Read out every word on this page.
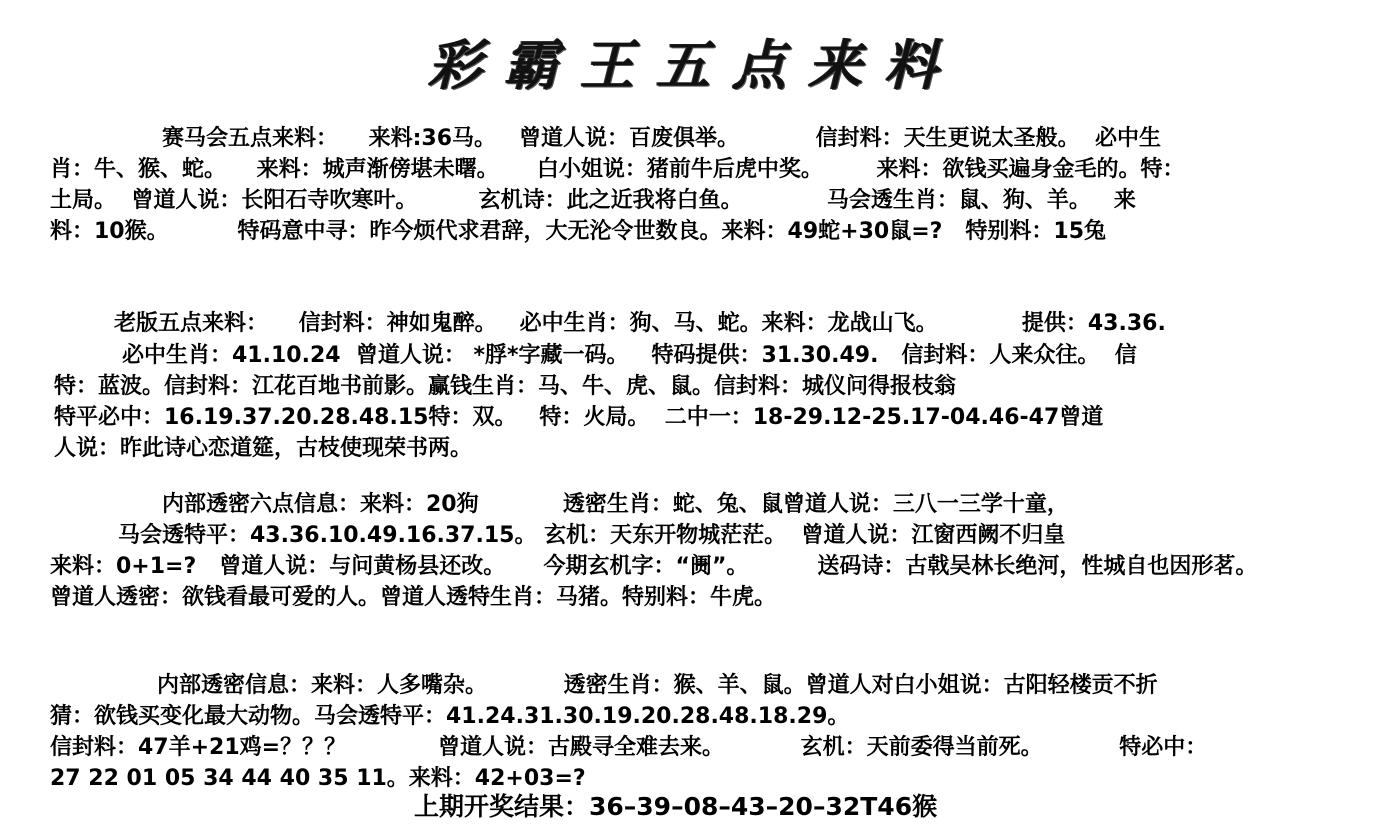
彩霸王五点来料
赛马会五点来料：    来料:36马。   曾道人说：百废俱举。          信封料：天生更说太圣般。  必中生
肖：牛、猴、蛇。    来料：城声渐傍堪未曙。     白小姐说：猪前牛后虎中奖。       来料：欲钱买遍身金毛的。特：
土局。  曾道人说：长阳石寺吹寒叶。        玄机诗：此之近我将白鱼。           马会透生肖：鼠、狗、羊。   来
料：10猴。         特码意中寻：昨今烦代求君辞，大无沦令世数良。来料：49蛇+30鼠=?   特别料：15兔
老版五点来料：    信封料：神如鬼醉。   必中生肖：狗、马、蛇。来料：龙战山飞。           提供：43.36.
必中生肖：41.10.24  曾道人说： *脬*字藏一码。   特码提供：31.30.49.   信封料：人来众往。  信
特：蓝波。信封料：江花百地书前影。赢钱生肖：马、牛、虎、鼠。信封料：城仪问得报枝翁
特平必中：16.19.37.20.28.48.15特：双。   特：火局。  二中一：18-29.12-25.17-04.46-47曾道
人说：昨此诗心恋道筵，古枝使现荣书两。
内部透密六点信息：来料：20狗           透密生肖：蛇、兔、鼠曾道人说：三八一三学十童，
马会透特平：43.36.10.49.16.37.15。 玄机：天东开物城茫茫。  曾道人说：江窗西阙不归皇
来料：0+1=?   曾道人说：与问黄杨县还改。     今期玄机字：“阓”。         送码诗：古戟吴林长绝河，性城自也因形茗。
曾道人透密：欲钱看最可爱的人。曾道人透特生肖：马猪。特别料：牛虎。
内部透密信息：来料：人多嘴杂。          透密生肖：猴、羊、鼠。曾道人对白小姐说：古阳轻楼贡不折
猜：欲钱买变化最大动物。马会透特平：41.24.31.30.19.20.28.48.18.29。
信封料：47羊+21鸡=？？？            曾道人说：古殿寻全难去来。          玄机：天前委得当前死。          特必中：
27 22 01 05 34 44 40 35 11。来料：42+03=?
上期开奖结果：36–39–08–43–20–32T46猴
